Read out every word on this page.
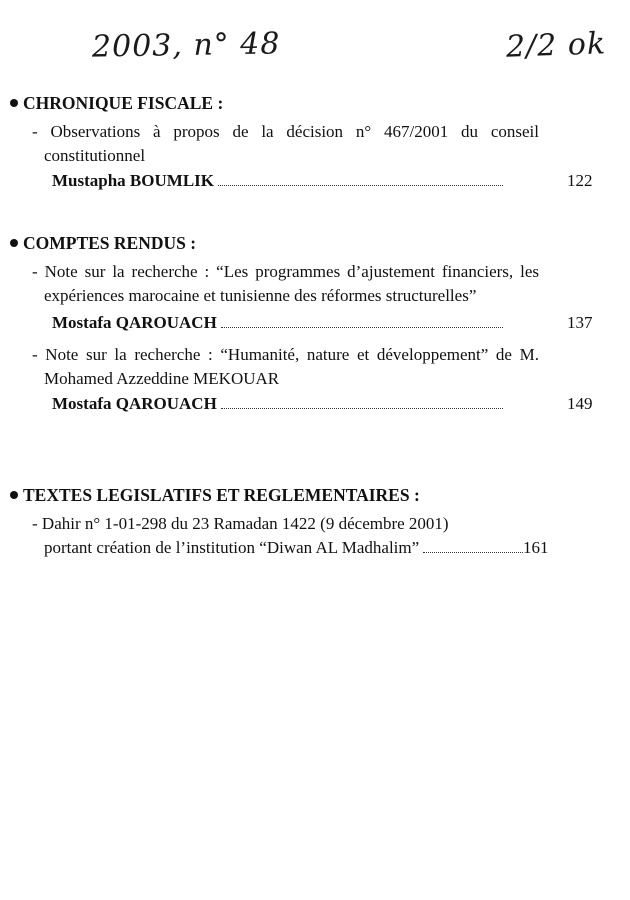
2003, n° 48	2/2 ok
CHRONIQUE FISCALE :
- Observations à propos de la décision n° 467/2001 du conseil constitutionnel
Mustapha BOUMLIK	122
COMPTES RENDUS :
- Note sur la recherche : “Les programmes d’ajustement financiers, les expériences marocaine et tunisienne des réformes structurelles”
Mostafa QAROUACH	137
- Note sur la recherche : “Humanité, nature et développement” de M. Mohamed Azzeddine MEKOUAR
Mostafa QAROUACH	149
TEXTES LEGISLATIFS ET REGLEMENTAIRES :
- Dahir n° 1-01-298 du 23 Ramadan 1422 (9 décembre 2001)
portant création de l’institution “Diwan AL Madhalim”	161
